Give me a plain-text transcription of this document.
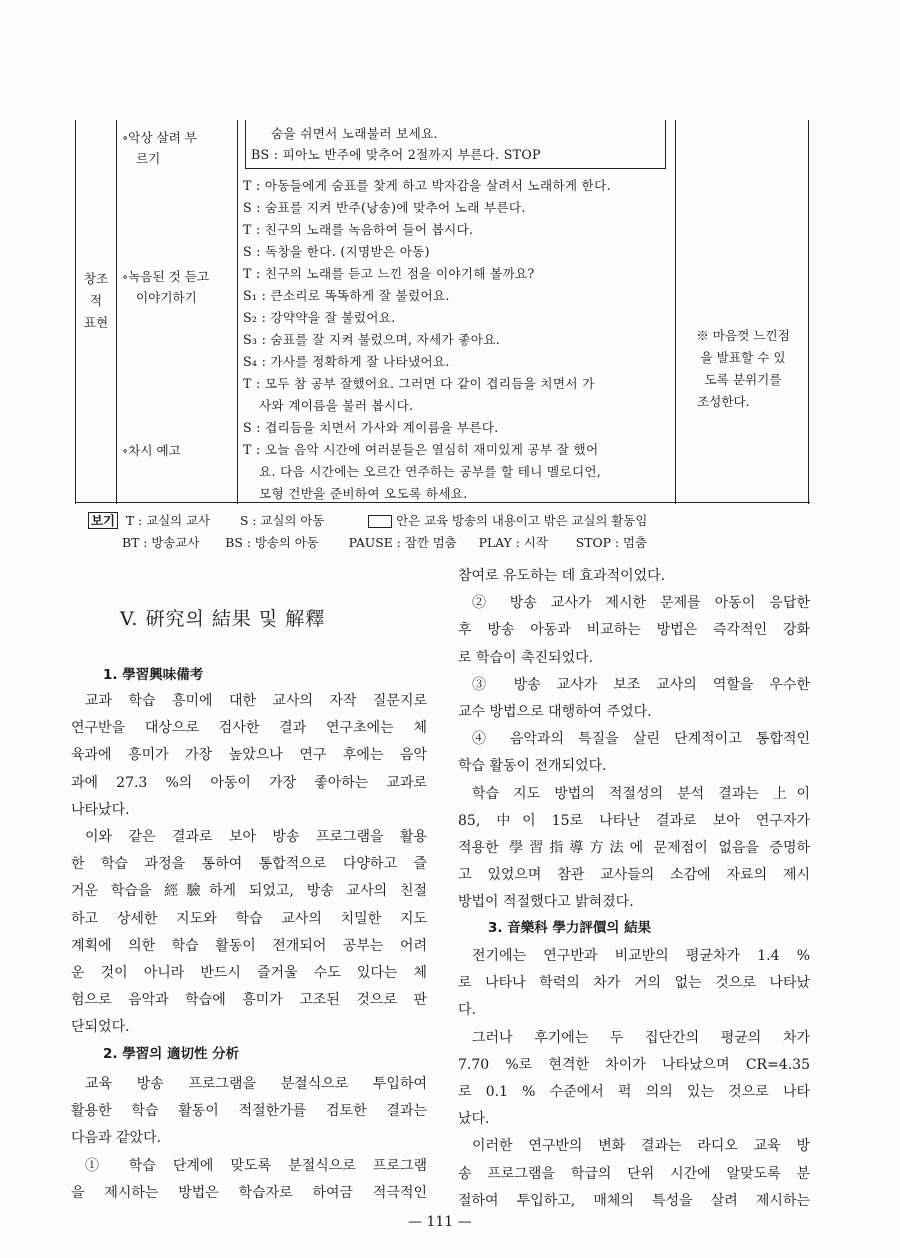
창조
적
표현
∘악상 살려 부
르기
∘녹음된 것 듣고
이야기하기
∘차시 예고
숨을 쉬면서 노래불러 보세요.
BS : 피아노 반주에 맞추어 2절까지 부른다. STOP
T : 아동들에게 숨표를 찾게 하고 박자감을 살려서 노래하게 한다.
S : 숨표를 지켜 반주(낭송)에 맞추어 노래 부른다.
T : 친구의 노래를 녹음하여 들어 봅시다.
S : 독창을 한다. (지명받은 아동)
T : 친구의 노래를 듣고 느낀 점을 이야기해 볼까요?
S₁ : 큰소리로 똑똑하게 잘 불렀어요.
S₂ : 강약약을 잘 불렀어요.
S₃ : 숨표를 잘 지켜 불렀으며, 자세가 좋아요.
S₄ : 가사를 정확하게 잘 나타냈어요.
T : 모두 참 공부 잘했어요. 그러면 다 같이 겹리듬을 치면서 가
사와 계이름을 불러 봅시다.
S : 겹리듬을 치면서 가사와 계이름을 부른다.
T : 오늘 음악 시간에 여러분들은 열심히 재미있게 공부 잘 했어
요. 다음 시간에는 오르간 연주하는 공부를 할 테니 멜로디언,
모형 건반을 준비하여 오도록 하세요.
※ 마음껏 느낀점
을 발표할 수 있
도록 분위기를
조성한다.
보기 T : 교실의 교사 S : 교실의 아동	안은 교육 방송의 내용이고 밖은 교실의 활동임
BT : 방송교사 BS : 방송의 아동 PAUSE : 잠깐 멈춤 PLAY : 시작 STOP : 멈춤
V. 硏究의 結果 및 解釋
1. 學習興味備考

교과 학습 흥미에 대한 교사의 자작 질문지로

연구반을 대상으로 검사한 결과 연구초에는 체

육과에 흥미가 가장 높았으나 연구 후에는 음악

과에 27.3 %의 아동이 가장 좋아하는 교과로

나타났다.

이와 같은 결과로 보아 방송 프로그램을 활용

한 학습 과정을 통하여 통합적으로 다양하고 즐

거운 학습을 經驗하게 되었고, 방송 교사의 친절

하고 상세한 지도와 학습 교사의 치밀한 지도

계획에 의한 학습 활동이 전개되어 공부는 어려

운 것이 아니라 반드시 즐거울 수도 있다는 체

험으로 음악과 학습에 흥미가 고조된 것으로 판

단되었다.

2. 學習의 適切性 分析

교육 방송 프로그램을 분절식으로 투입하여

활용한 학습 활동이 적절한가를 검토한 결과는

다음과 같았다.

① 학습 단계에 맞도록 분절식으로 프로그램

을 제시하는 방법은 학습자로 하여금 적극적인

참여로 유도하는 데 효과적이었다.

② 방송 교사가 제시한 문제를 아동이 응답한

후 방송 아동과 비교하는 방법은 즉각적인 강화

로 학습이 촉진되었다.

③ 방송 교사가 보조 교사의 역할을 우수한

교수 방법으로 대행하여 주었다.

④ 음악과의 특질을 살린 단계적이고 통합적인

학습 활동이 전개되었다.

학습 지도 방법의 적절성의 분석 결과는 上이

85, 中이 15로 나타난 결과로 보아 연구자가

적용한 學習指導方法에 문제점이 없음을 증명하

고 있었으며 참관 교사들의 소감에 자료의 제시

방법이 적절했다고 밝혀졌다.

3. 音樂科 學力評價의 結果

전기에는 연구반과 비교반의 평균차가 1.4 %

로 나타나 학력의 차가 거의 없는 것으로 나타났

다.

그러나 후기에는 두 집단간의 평균의 차가

7.70 %로 현격한 차이가 나타났으며 CR=4.35

로 0.1 % 수준에서 퍽 의의 있는 것으로 나타

났다.

이러한 연구반의 변화 결과는 라디오 교육 방

송 프로그램을 학급의 단위 시간에 알맞도록 분

절하여 투입하고, 매체의 특성을 살려 제시하는

— 111 —
